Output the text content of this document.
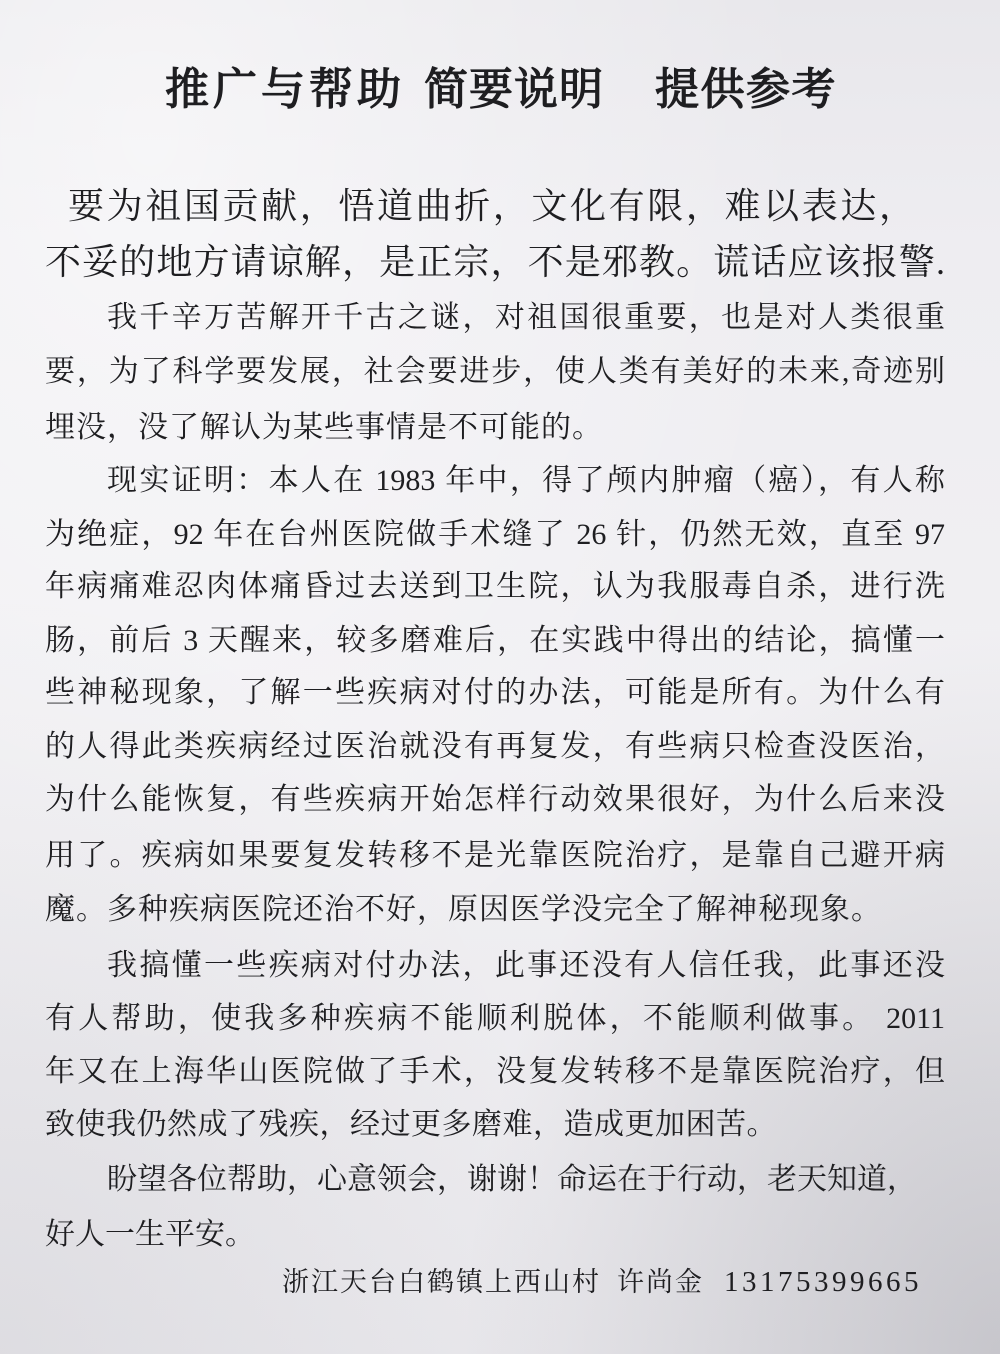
推广与帮助 简要说明 提供参考
要为祖国贡献，悟道曲折，文化有限，难以表达，
不妥的地方请谅解，是正宗，不是邪教。谎话应该报警.
我千辛万苦解开千古之谜，对祖国很重要，也是对人类很重
要，为了科学要发展，社会要进步，使人类有美好的未来,奇迹别
埋没，没了解认为某些事情是不可能的。
现实证明：本人在 1983 年中，得了颅内肿瘤（癌），有人称
为绝症，92 年在台州医院做手术缝了 26 针，仍然无效，直至 97
年病痛难忍肉体痛昏过去送到卫生院，认为我服毒自杀，进行洗
肠，前后 3 天醒来，较多磨难后，在实践中得出的结论，搞懂一
些神秘现象，了解一些疾病对付的办法，可能是所有。为什么有
的人得此类疾病经过医治就没有再复发，有些病只检查没医治，
为什么能恢复，有些疾病开始怎样行动效果很好，为什么后来没
用了。疾病如果要复发转移不是光靠医院治疗，是靠自己避开病
魔。多种疾病医院还治不好，原因医学没完全了解神秘现象。
我搞懂一些疾病对付办法，此事还没有人信任我，此事还没
有人帮助，使我多种疾病不能顺利脱体，不能顺利做事。 2011
年又在上海华山医院做了手术，没复发转移不是靠医院治疗，但
致使我仍然成了残疾，经过更多磨难，造成更加困苦。
盼望各位帮助，心意领会，谢谢！命运在于行动，老天知道，
好人一生平安。
浙江天台白鹤镇上西山村 许尚金 13175399665
